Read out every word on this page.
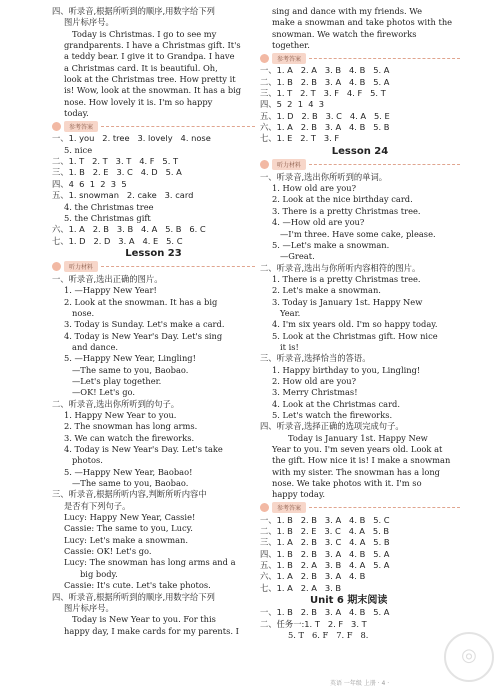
四、听录音,根据所听到的顺序,用数字给下列

图片标序号。

Today is Christmas. I go to see my

grandparents. I have a Christmas gift. It's

a teddy bear. I give it to Grandpa. I have

a Christmas card. It is beautiful. Oh,

look at the Christmas tree. How pretty it

is! Wow, look at the snowman. It has a big

nose. How lovely it is. I'm so happy

today.

参考答案

一、1. you   2. tree   3. lovely   4. nose

5. nice

二、1. T   2. T   3. T   4. F   5. T

三、1. B   2. E   3. C   4. D   5. A

四、4  6  1  2  3  5

五、1. snowman   2. cake   3. card

4. the Christmas tree

5. the Christmas gift

六、1. A   2. B   3. B   4. A   5. B   6. C

七、1. D   2. D   3. A   4. E   5. C

Lesson 23
听力材料

一、听录音,选出正确的图片。

1. —Happy New Year!

2. Look at the snowman. It has a big

nose.

3. Today is Sunday. Let's make a card.

4. Today is New Year's Day. Let's sing

and dance.

5. —Happy New Year, Lingling!

—The same to you, Baobao.

—Let's play together.

—OK! Let's go.

二、听录音,选出你所听到的句子。

1. Happy New Year to you.

2. The snowman has long arms.

3. We can watch the fireworks.

4. Today is New Year's Day. Let's take

photos.

5. —Happy New Year, Baobao!

—The same to you, Baobao.

三、听录音,根据所听内容,判断所听内容中

是否有下列句子。

Lucy: Happy New Year, Cassie!

Cassie: The same to you, Lucy.

Lucy: Let's make a snowman.

Cassie: OK! Let's go.

Lucy: The snowman has long arms and a

big body.

Cassie: It's cute. Let's take photos.

四、听录音,根据所听到的顺序,用数字给下列

图片标序号。

Today is New Year to you. For this

happy day, I make cards for my parents. I

sing and dance with my friends. We

make a snowman and take photos with the

snowman. We watch the fireworks

together.

参考答案

一、1. A   2. A   3. B   4. B   5. A

二、1. B   2. B   3. A   4. B   5. A

三、1. T   2. T   3. F   4. F   5. T

四、5  2  1  4  3

五、1. D   2. B   3. C   4. A   5. E

六、1. A   2. B   3. A   4. B   5. B

七、1. E   2. T   3. F

Lesson 24
听力材料

一、听录音,选出你所听到的单词。

1. How old are you?

2. Look at the nice birthday card.

3. There is a pretty Christmas tree.

4. —How old are you?

—I'm three. Have some cake, please.

5. —Let's make a snowman.

—Great.

二、听录音,选出与你所听内容相符的图片。

1. There is a pretty Christmas tree.

2. Let's make a snowman.

3. Today is January 1st. Happy New

Year.

4. I'm six years old. I'm so happy today.

5. Look at the Christmas gift. How nice

it is!

三、听录音,选择恰当的答语。

1. Happy birthday to you, Lingling!

2. How old are you?

3. Merry Christmas!

4. Look at the Christmas card.

5. Let's watch the fireworks.

四、听录音,选择正确的选项完成句子。

Today is January 1st. Happy New

Year to you. I'm seven years old. Look at

the gift. How nice it is! I make a snowman

with my sister. The snowman has a long

nose. We take photos with it. I'm so

happy today.

参考答案

一、1. B   2. B   3. A   4. B   5. C

二、1. B   2. E   3. C   4. A   5. B

三、1. A   2. B   3. C   4. A   5. B

四、1. B   2. B   3. A   4. B   5. A

五、1. B   2. A   3. B   4. A   5. A

六、1. A   2. B   3. A   4. B

七、1. A   2. A   3. B

Unit 6 期末阅读

一、1. B   2. B   3. A   4. B   5. A

二、任务一:1. T   2. F   3. T

5. T   6. F   7. F   8.

英语 一年级 上册 · 4 ·
◎
